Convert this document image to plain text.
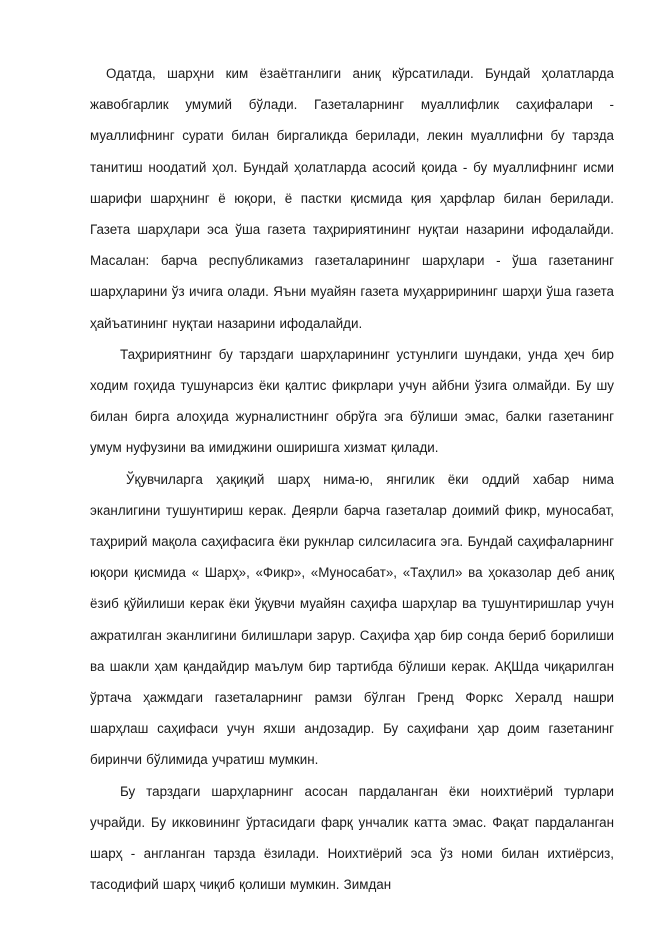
Одатда, шарҳни ким ёзаётганлиги аниқ кўрсатилади. Бундай ҳолатларда жавобгарлик умумий бўлади. Газеталарнинг муаллифлик саҳифалари - муаллифнинг сурати билан биргаликда берилади, лекин муаллифни бу тарзда танитиш ноодатий ҳол. Бундай ҳолатларда асосий қоида - бу муаллифнинг исми шарифи шарҳнинг ё юқори, ё пастки қисмида қия ҳарфлар билан берилади. Газета шарҳлари эса ўша газета таҳририятининг нуқтаи назарини ифодалайди. Масалан: барча республикамиз газеталарининг шарҳлари - ўша газетанинг шарҳларини ўз ичига олади. Яъни муайян газета муҳаррирининг шарҳи ўша газета ҳайъатининг нуқтаи назарини ифодалайди.

Таҳририятнинг бу тарздаги шарҳларининг устунлиги шундаки, унда ҳеч бир ходим гоҳида тушунарсиз ёки қалтис фикрлари учун айбни ўзига олмайди. Бу шу билан бирга алоҳида журналистнинг обрўга эга бўлиши эмас, балки газетанинг умум нуфузини ва имиджини оширишга хизмат қилади.

Ўқувчиларга ҳақиқий шарҳ нима-ю, янгилик ёки оддий хабар нима эканлигини тушунтириш керак. Деярли барча газеталар доимий фикр, муносабат, таҳририй мақола саҳифасига ёки рукнлар силсиласига эга. Бундай саҳифаларнинг юқори қисмида « Шарҳ», «Фикр», «Муносабат», «Таҳлил» ва ҳоказолар деб аниқ ёзиб қўйилиши керак ёки ўқувчи муайян саҳифа шарҳлар ва тушунтиришлар учун ажратилган эканлигини билишлари зарур. Саҳифа ҳар бир сонда бериб борилиши ва шакли ҳам қандайдир маълум бир тартибда бўлиши керак. АҚШда чиқарилган ўртача ҳажмдаги газеталарнинг рамзи бўлган Гренд Форкс Хералд нашри шарҳлаш саҳифаси учун яхши андозадир. Бу саҳифани ҳар доим газетанинг биринчи бўлимида учратиш мумкин.

Бу тарздаги шарҳларнинг асосан пардаланган ёки ноихтиёрий турлари учрайди. Бу икковининг ўртасидаги фарқ унчалик катта эмас. Фақат пардаланган шарҳ - англанган тарзда ёзилади. Ноихтиёрий эса ўз номи билан ихтиёрсиз, тасодифий шарҳ чиқиб қолиши мумкин. Зимдан
